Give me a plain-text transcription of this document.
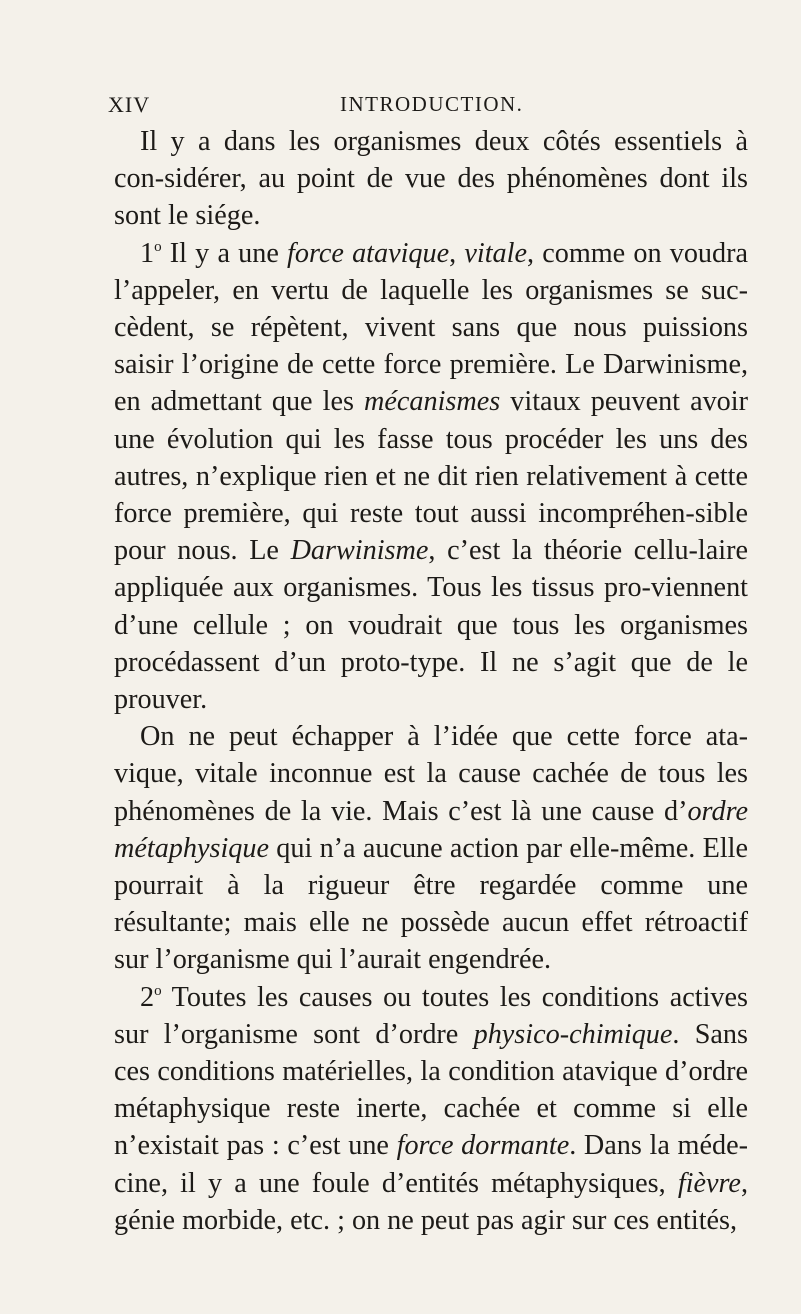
XIV	INTRODUCTION.

Il y a dans les organismes deux côtés essentiels à con-sidérer, au point de vue des phénomènes dont ils sont le siége.

1$^o$ Il y a une force atavique, vitale, comme on voudra l’appeler, en vertu de laquelle les organismes se suc-cèdent, se répètent, vivent sans que nous puissions saisir l’origine de cette force première. Le Darwinisme, en admettant que les mécanismes vitaux peuvent avoir une évolution qui les fasse tous procéder les uns des autres, n’explique rien et ne dit rien relativement à cette force première, qui reste tout aussi incompréhen-sible pour nous. Le Darwinisme, c’est la théorie cellu-laire appliquée aux organismes. Tous les tissus pro-viennent d’une cellule ; on voudrait que tous les organismes procédassent d’un proto-type. Il ne s’agit que de le prouver.

On ne peut échapper à l’idée que cette force ata-vique, vitale inconnue est la cause cachée de tous les phénomènes de la vie. Mais c’est là une cause d’ordre métaphysique qui n’a aucune action par elle-même. Elle pourrait à la rigueur être regardée comme une résultante; mais elle ne possède aucun effet rétroactif sur l’organisme qui l’aurait engendrée.

2$^o$ Toutes les causes ou toutes les conditions actives sur l’organisme sont d’ordre physico-chimique. Sans ces conditions matérielles, la condition atavique d’ordre métaphysique reste inerte, cachée et comme si elle n’existait pas : c’est une force dormante. Dans la méde-cine, il y a une foule d’entités métaphysiques, fièvre, génie morbide, etc. ; on ne peut pas agir sur ces entités,
